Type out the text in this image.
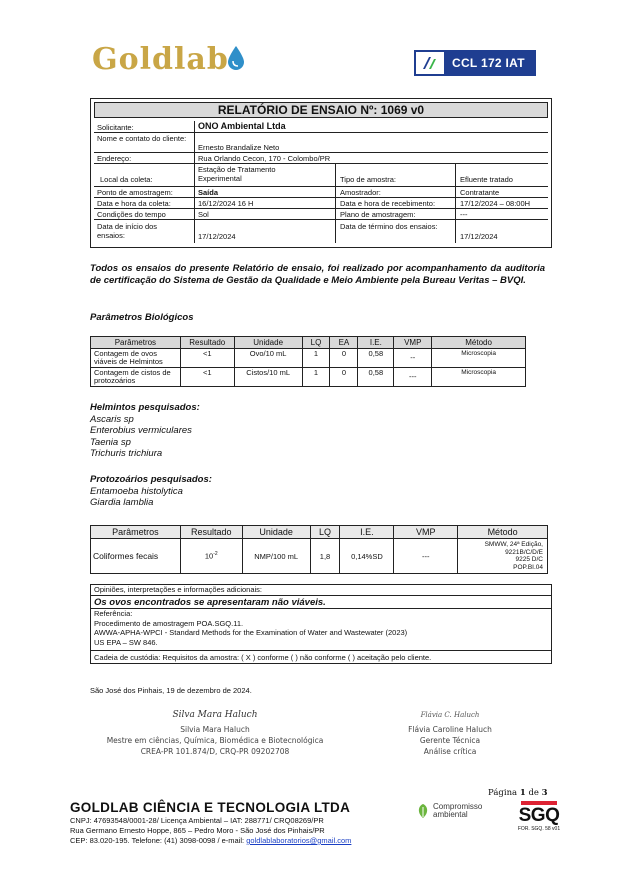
Goldlab	CCL 172 IAT
RELATÓRIO DE ENSAIO Nº: 1069 v0
Solicitante:	ONO Ambiental Ltda
Nome e contato do cliente:
Ernesto Brandalize Neto
Endereço:	Rua Orlando Cecon, 170 - Colombo/PR
Local da coleta:
Estação de Tratamento Experimental	Tipo de amostra:	Efluente tratado
Ponto de amostragem:	Saída	Amostrador:	Contratante
Data e hora da coleta:	16/12/2024 16 H	Data e hora de recebimento:	17/12/2024 – 08:00H
Condições do tempo	Sol	Plano de amostragem:	---
Data de início dos ensaios:	17/12/2024
Data de término dos ensaios:
17/12/2024
Todos os ensaios do presente Relatório de ensaio, foi realizado por acompanhamento da auditoria de certificação do Sistema de Gestão da Qualidade e Meio Ambiente pela Bureau Veritas – BVQI.
Parâmetros Biológicos
Parâmetros	Resultado	Unidade	LQ	EA	I.E.	VMP	Método
Contagem de ovos viáveis de Helmintos	<1	Ovo/10 mL	1	0	0,58	--	Microscopia
Contagem de cistos de protozoários	<1	Cistos/10 mL	1	0	0,58	---	Microscopia
Helmintos pesquisados:
Ascaris sp
Enterobius vermiculares
Taenia sp
Trichuris trichiura
Protozoários pesquisados:
Entamoeba histolytica
Giardia lamblia
Parâmetros	Resultado	Unidade	LQ	I.E.	VMP	Método
Coliformes fecais	$10^{-2}$	NMP/100 mL	1,8	0,14%SD	---	SMWW, 24ª Edição,
9221B/C/D/E
9225 D/C
POP.BI.04
Opiniões, interpretações e informações adicionais:
Os ovos encontrados se apresentaram não viáveis.
Referência:
Procedimento de amostragem POA.SGQ.11.
AWWA-APHA-WPCI - Standard Methods for the Examination of Water and Wastewater (2023)
US EPA – SW 846.
Cadeia de custódia: Requisitos da amostra: ( X ) conforme ( ) não conforme ( ) aceitação pelo cliente.
São José dos Pinhais, 19 de dezembro de 2024.
Silva Mara Haluch
Silvia Mara Haluch
Mestre em ciências, Química, Biomédica e Biotecnológica
CREA-PR 101.874/D, CRQ-PR 09202708
Flávia C. Haluch
Flávia Caroline Haluch
Gerente Técnica
Análise crítica
Página 1 de 3
GOLDLAB CIÊNCIA E TECNOLOGIA LTDA
CNPJ: 47693548/0001-28/ Licença Ambiental – IAT: 288771/ CRQ08269/PR
Rua Germano Ernesto Hoppe, 865 – Pedro Moro - São José dos Pinhais/PR
CEP: 83.020-195. Telefone: (41) 3098-0098 / e-mail: goldlablaboratorios@gmail.com
Compromisso
ambiental	SGQ
FOR. SGQ. 58 v01
